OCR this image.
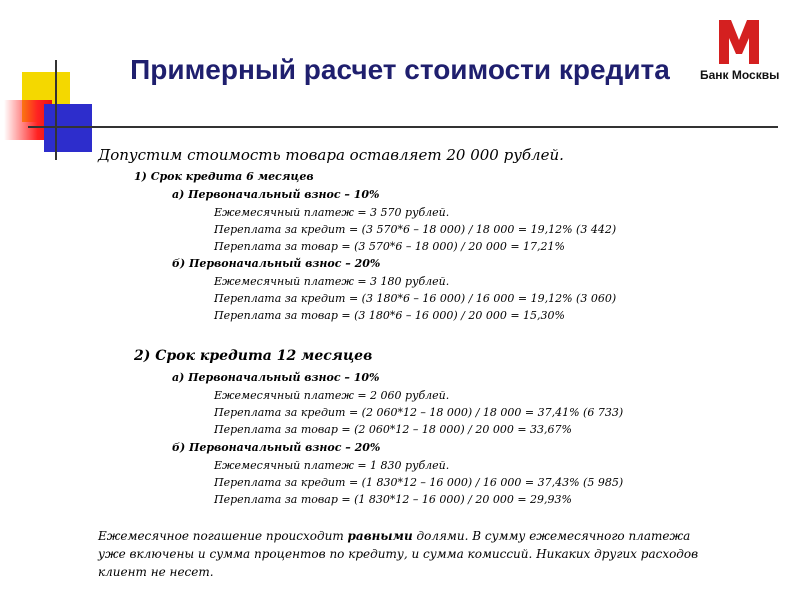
Банк Москвы
Примерный расчет стоимости кредита
Допустим стоимость товара оставляет 20 000 рублей.
1) Срок кредита 6 месяцев
а) Первоначальный взнос – 10%
Ежемесячный платеж = 3 570 рублей.
Переплата за кредит = (3 570*6 – 18 000) / 18 000 = 19,12% (3 442)
Переплата за товар = (3 570*6 – 18 000) / 20 000 = 17,21%
б) Первоначальный взнос – 20%
Ежемесячный платеж = 3 180 рублей.
Переплата за кредит = (3 180*6 – 16 000) / 16 000 = 19,12% (3 060)
Переплата за товар = (3 180*6 – 16 000) / 20 000 = 15,30%
2) Срок кредита 12 месяцев
а) Первоначальный взнос – 10%
Ежемесячный платеж = 2 060 рублей.
Переплата за кредит = (2 060*12 – 18 000) / 18 000 = 37,41% (6 733)
Переплата за товар = (2 060*12 – 18 000) / 20 000 = 33,67%
б) Первоначальный взнос – 20%
Ежемесячный платеж = 1 830 рублей.
Переплата за кредит = (1 830*12 – 16 000) / 16 000 = 37,43% (5 985)
Переплата за товар = (1 830*12 – 16 000) / 20 000 = 29,93%
Ежемесячное погашение происходит равными долями. В сумму ежемесячного платежа уже включены и сумма процентов по кредиту, и сумма комиссий. Никаких других расходов клиент не несет.
